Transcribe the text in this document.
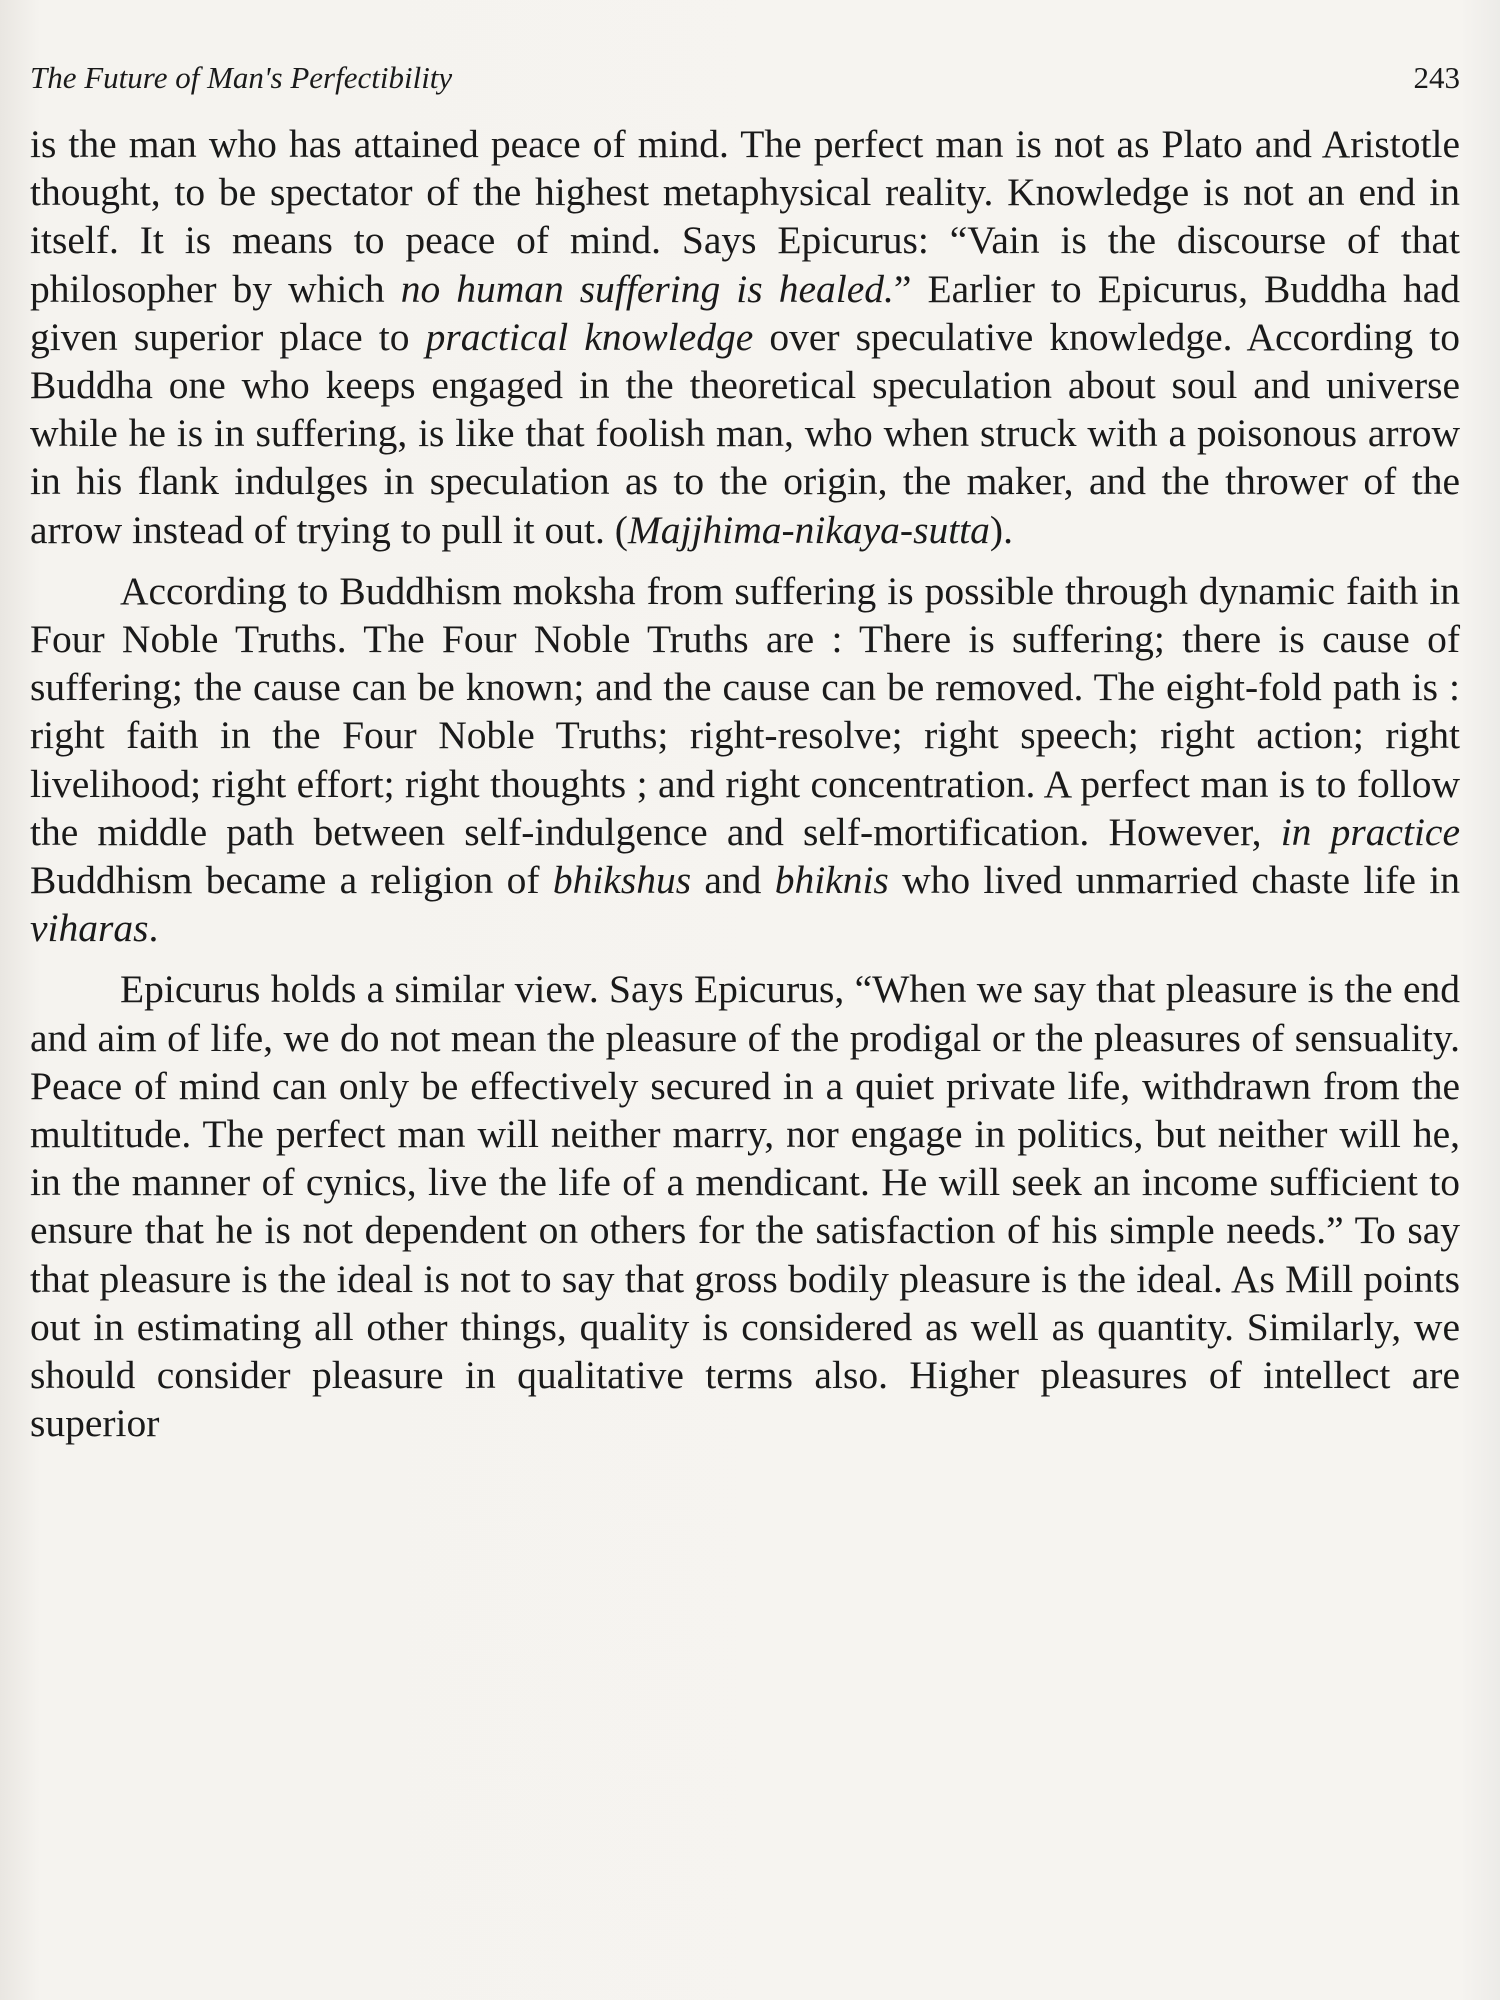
The Future of Man's Perfectibility	243

is the man who has attained peace of mind. The perfect man is not as Plato and Aristotle thought, to be spectator of the highest metaphysical reality. Knowledge is not an end in itself. It is means to peace of mind. Says Epicurus: “Vain is the discourse of that philosopher by which no human suffering is healed.” Earlier to Epicurus, Buddha had given superior place to practical knowledge over speculative knowledge. According to Buddha one who keeps engaged in the theoretical speculation about soul and universe while he is in suffering, is like that foolish man, who when struck with a poisonous arrow in his flank indulges in speculation as to the origin, the maker, and the thrower of the arrow instead of trying to pull it out. (Majjhima-nikaya-sutta).

According to Buddhism moksha from suffering is possible through dynamic faith in Four Noble Truths. The Four Noble Truths are : There is suffering; there is cause of suffering; the cause can be known; and the cause can be removed. The eight-fold path is : right faith in the Four Noble Truths; right-resolve; right speech; right action; right livelihood; right effort; right thoughts ; and right concentration. A perfect man is to follow the middle path between self-indulgence and self-mortification. However, in practice Buddhism became a religion of bhikshus and bhiknis who lived unmarried chaste life in viharas.

Epicurus holds a similar view. Says Epicurus, “When we say that pleasure is the end and aim of life, we do not mean the pleasure of the prodigal or the pleasures of sensuality. Peace of mind can only be effectively secured in a quiet private life, withdrawn from the multitude. The perfect man will neither marry, nor engage in politics, but neither will he, in the manner of cynics, live the life of a mendicant. He will seek an income sufficient to ensure that he is not dependent on others for the satisfaction of his simple needs.” To say that pleasure is the ideal is not to say that gross bodily pleasure is the ideal. As Mill points out in estimating all other things, quality is considered as well as quantity. Similarly, we should consider pleasure in qualitative terms also. Higher pleasures of intellect are superior
